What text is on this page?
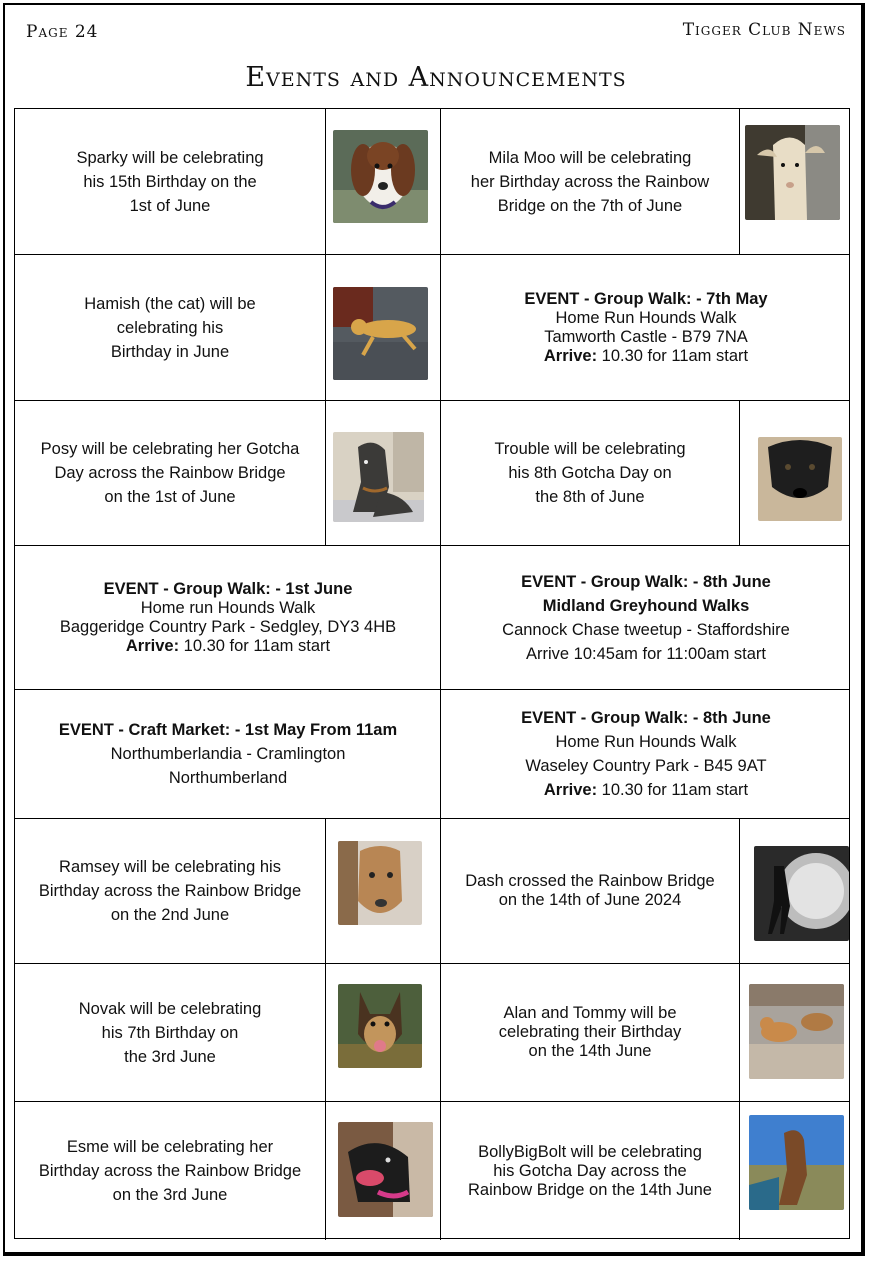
Page 24	Tigger Club News
Events and Announcements
Sparky will be celebrating
his 15th Birthday on the
1st of June
Mila Moo will be celebrating
her Birthday across the Rainbow
Bridge on the 7th of June
Hamish (the cat) will be
celebrating his
Birthday in June
EVENT - Group Walk: - 7th May
Home Run Hounds Walk
Tamworth Castle - B79 7NA
Arrive: 10.30 for 11am start
Posy will be celebrating her Gotcha
Day across the Rainbow Bridge
on the 1st of June
Trouble will be celebrating
his 8th Gotcha Day on
the 8th of June
EVENT - Group Walk: - 1st June
Home run Hounds Walk
Baggeridge Country Park - Sedgley, DY3 4HB
Arrive: 10.30 for 11am start
EVENT - Group Walk: - 8th June
Midland Greyhound Walks
Cannock Chase tweetup - Staffordshire
Arrive 10:45am for 11:00am start
EVENT - Craft Market: - 1st May From 11am
Northumberlandia - Cramlington
Northumberland
EVENT - Group Walk: - 8th June
Home Run Hounds Walk
Waseley Country Park - B45 9AT
Arrive: 10.30 for 11am start
Ramsey will be celebrating his
Birthday across the Rainbow Bridge
on the 2nd June
Dash crossed the Rainbow Bridge
on the 14th of June 2024
Novak will be celebrating
his 7th Birthday on
the 3rd June
Alan and Tommy will be
celebrating their Birthday
on the 14th June
Esme will be celebrating her
Birthday across the Rainbow Bridge
on the 3rd June
BollyBigBolt will be celebrating
his Gotcha Day across the
Rainbow Bridge on the 14th June
